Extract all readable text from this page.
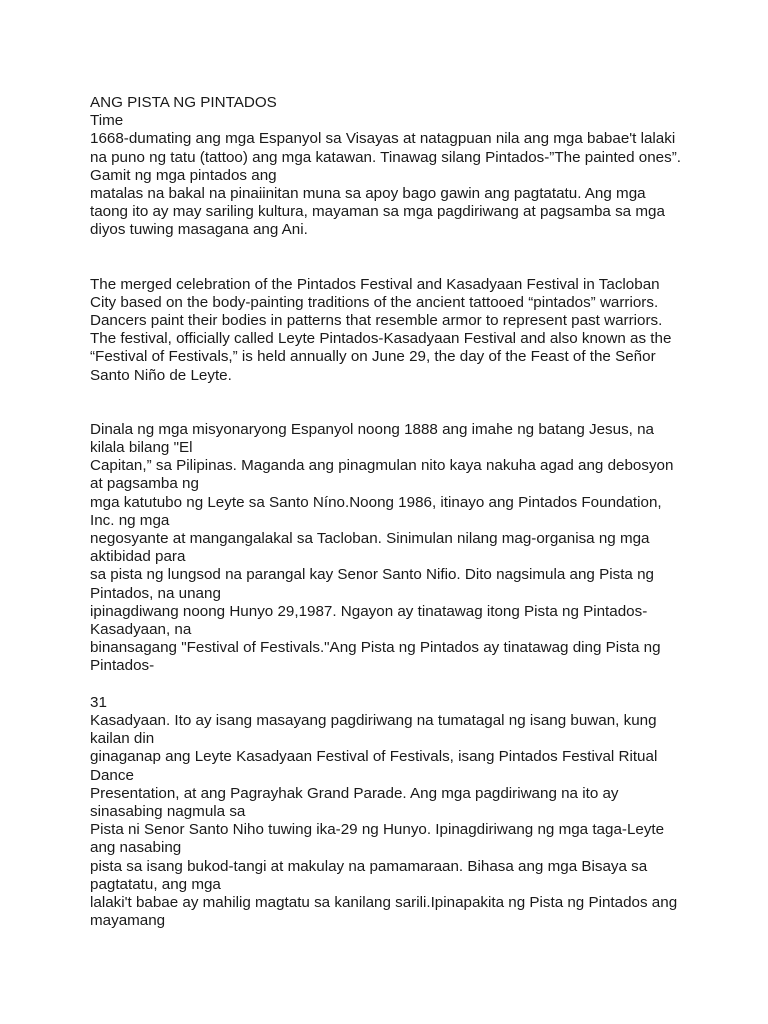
ANG PISTA NG PINTADOS
Time
1668-dumating ang mga Espanyol sa Visayas at natagpuan nila ang mga babae't lalaki
na puno ng tatu (tattoo) ang mga katawan. Tinawag silang Pintados-”The painted ones”.
Gamit ng mga pintados ang
matalas na bakal na pinaiinitan muna sa apoy bago gawin ang pagtatatu. Ang mga
taong ito ay may sariling kultura, mayaman sa mga pagdiriwang at pagsamba sa mga
diyos tuwing masagana ang Ani.
The merged celebration of the Pintados Festival and Kasadyaan Festival in Tacloban
City based on the body-painting traditions of the ancient tattooed “pintados” warriors.
Dancers paint their bodies in patterns that resemble armor to represent past warriors.
The festival, officially called Leyte Pintados-Kasadyaan Festival and also known as the
“Festival of Festivals,” is held annually on June 29, the day of the Feast of the Señor
Santo Niño de Leyte.
Dinala ng mga misyonaryong Espanyol noong 1888 ang imahe ng batang Jesus, na
kilala bilang "El
Capitan,” sa Pilipinas. Maganda ang pinagmulan nito kaya nakuha agad ang debosyon
at pagsamba ng
mga katutubo ng Leyte sa Santo Níno.Noong 1986, itinayo ang Pintados Foundation,
Inc. ng mga
negosyante at mangangalakal sa Tacloban. Sinimulan nilang mag-organisa ng mga
aktibidad para
sa pista ng lungsod na parangal kay Senor Santo Nifio. Dito nagsimula ang Pista ng
Pintados, na unang
ipinagdiwang noong Hunyo 29,1987. Ngayon ay tinatawag itong Pista ng Pintados-
Kasadyaan, na
binansagang "Festival of Festivals."Ang Pista ng Pintados ay tinatawag ding Pista ng
Pintados-
31
Kasadyaan. Ito ay isang masayang pagdiriwang na tumatagal ng isang buwan, kung
kailan din
ginaganap ang Leyte Kasadyaan Festival of Festivals, isang Pintados Festival Ritual
Dance
Presentation, at ang Pagrayhak Grand Parade. Ang mga pagdiriwang na ito ay
sinasabing nagmula sa
Pista ni Senor Santo Niho tuwing ika-29 ng Hunyo. Ipinagdiriwang ng mga taga-Leyte
ang nasabing
pista sa isang bukod-tangi at makulay na pamamaraan. Bihasa ang mga Bisaya sa
pagtatatu, ang mga
lalaki't babae ay mahilig magtatu sa kanilang sarili.Ipinapakita ng Pista ng Pintados ang
mayamang
